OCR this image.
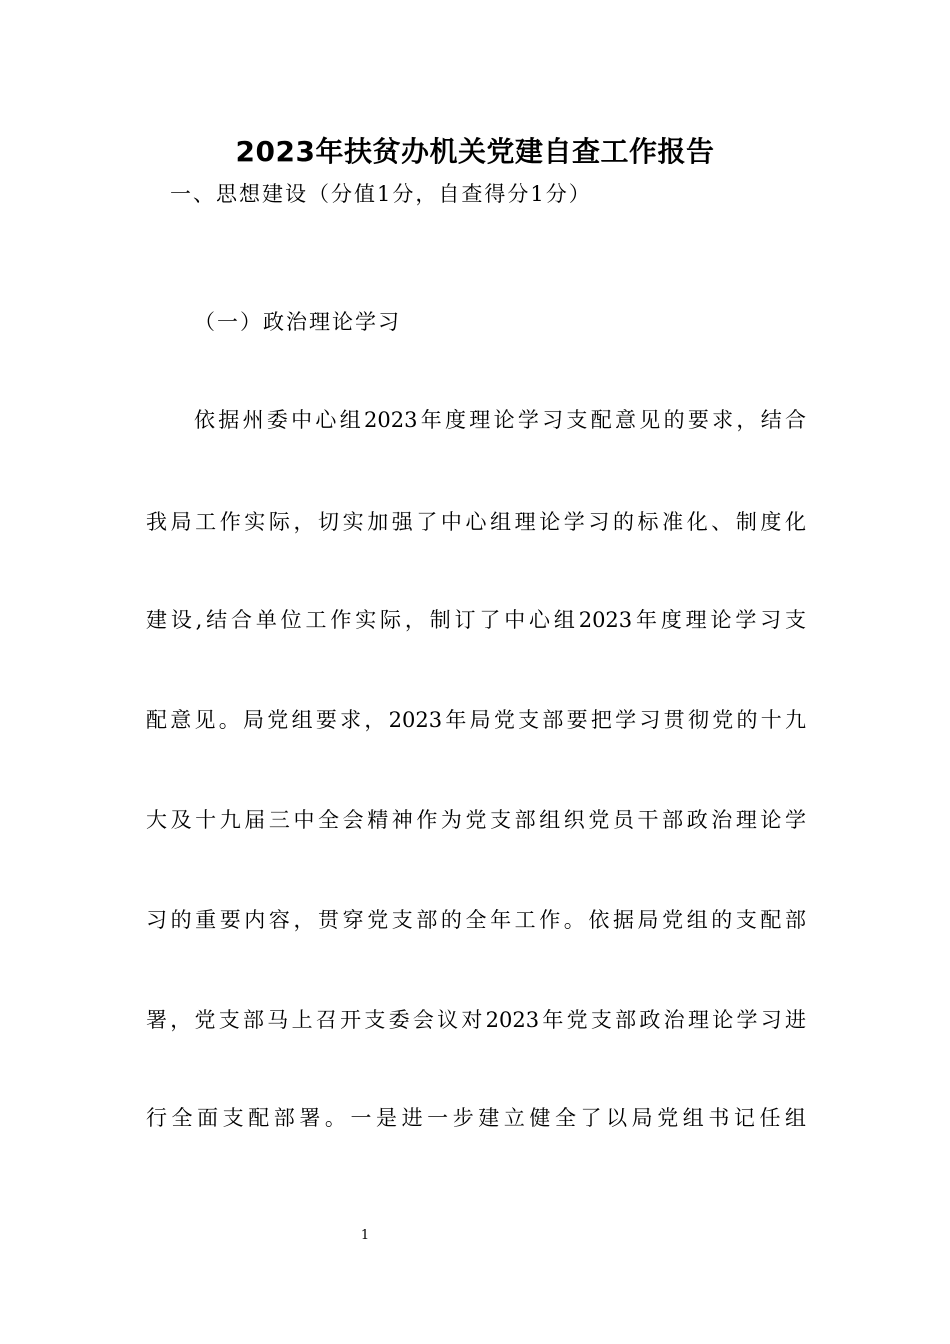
2023年扶贫办机关党建自查工作报告
一、思想建设（分值1分，自查得分1分）
（一）政治理论学习
依据州委中心组2023年度理论学习支配意见的要求，结合
我局工作实际，切实加强了中心组理论学习的标准化、制度化
建设,结合单位工作实际，制订了中心组2023年度理论学习支
配意见。局党组要求，2023年局党支部要把学习贯彻党的十九
大及十九届三中全会精神作为党支部组织党员干部政治理论学
习的重要内容，贯穿党支部的全年工作。依据局党组的支配部
署，党支部马上召开支委会议对2023年党支部政治理论学习进
行全面支配部署。一是进一步建立健全了以局党组书记任组
1
